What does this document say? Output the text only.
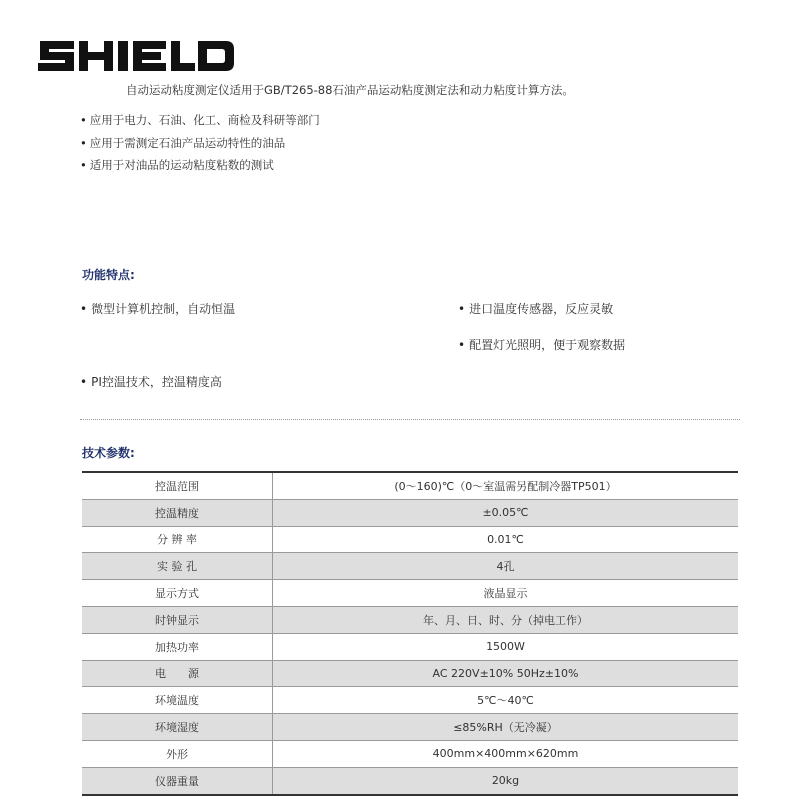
自动运动粘度测定仪适用于GB/T265-88石油产品运动粘度测定法和动力粘度计算方法。
• 应用于电力、石油、化工、商检及科研等部门
• 应用于需测定石油产品运动特性的油品
• 适用于对油品的运动粘度粘数的测试
功能特点:
• 微型计算机控制，自动恒温	• 进口温度传感器，反应灵敏
• 配置灯光照明，便于观察数据
• PI控温技术，控温精度高
技术参数:
控温范围	(0～160)℃（0～室温需另配制冷器TP501）
控温精度	±0.05℃
分 辨 率	0.01℃
实 验 孔	4孔
显示方式	液晶显示
时钟显示	年、月、日、时、分（掉电工作）
加热功率	1500W
电　　源	AC 220V±10% 50Hz±10%
环境温度	5℃～40℃
环境湿度	≤85%RH（无冷凝）
外形	400mm×400mm×620mm
仪器重量	20kg
